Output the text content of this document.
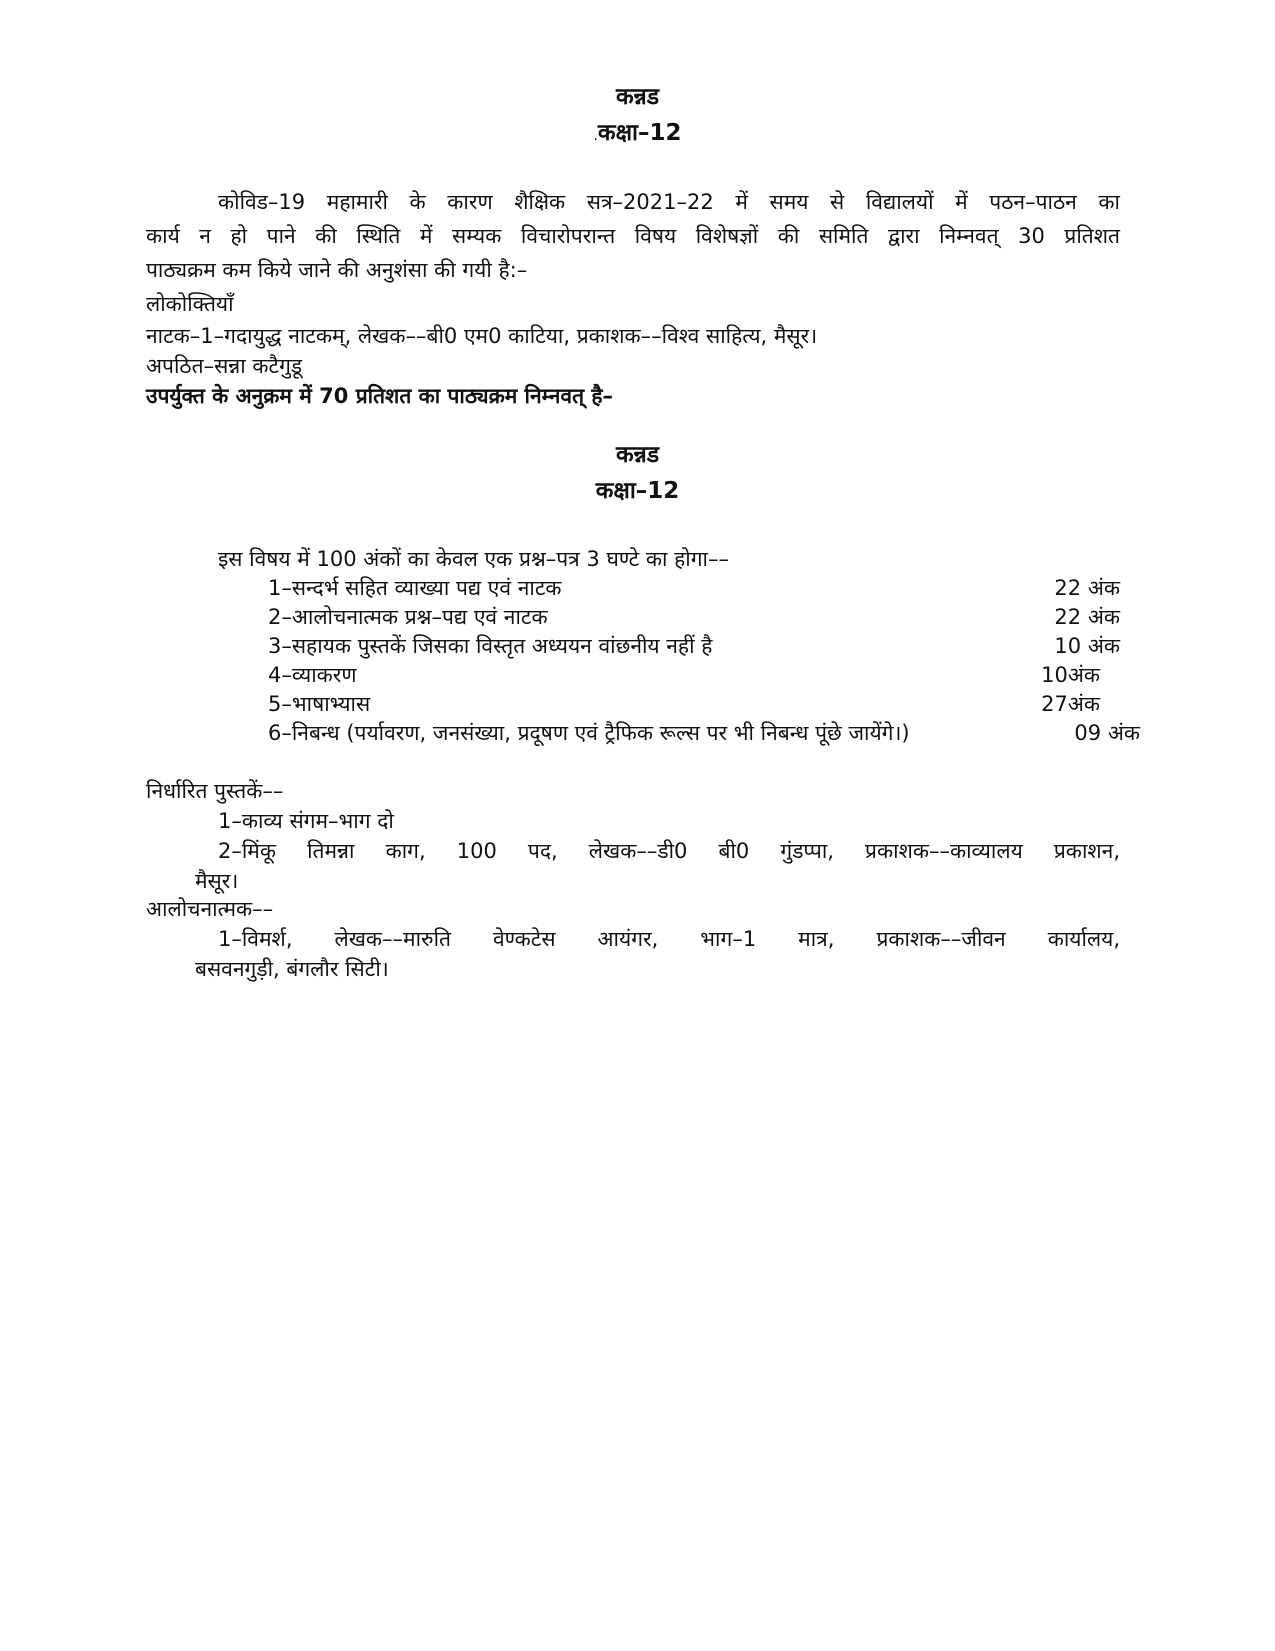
कन्नड
.कक्षा–12
कोविड–19 महामारी के कारण शैक्षिक सत्र–2021–22 में समय से विद्यालयों में पठन–पाठन का
कार्य न हो पाने की स्थिति में सम्यक विचारोपरान्त विषय विशेषज्ञों की समिति द्वारा निम्नवत् 30 प्रतिशत
पाठ्यक्रम कम किये जाने की अनुशंसा की गयी है:–
लोकोक्तियाँ
नाटक–1–गदायुद्ध नाटकम्, लेखक––बी0 एम0 काटिया, प्रकाशक––विश्व साहित्य, मैसूर।
अपठित–सन्ना कटैगुडू
उपर्युक्त के अनुक्रम में 70 प्रतिशत का पाठ्यक्रम निम्नवत् है–
कन्नड
कक्षा–12
इस विषय में 100 अंकों का केवल एक प्रश्न–पत्र 3 घण्टे का होगा––
1–सन्दर्भ सहित व्याख्या पद्य एवं नाटक	22 अंक
2–आलोचनात्मक प्रश्न–पद्य एवं नाटक	22 अंक
3–सहायक पुस्तकें जिसका विस्तृत अध्ययन वांछनीय नहीं है	10 अंक
4–व्याकरण	10अंक
5–भाषाभ्यास	27अंक
6–निबन्ध (पर्यावरण, जनसंख्या, प्रदूषण एवं ट्रैफिक रूल्स पर भी निबन्ध पूंछे जायेंगे।)	09 अंक
निर्धारित पुस्तकें––
1–काव्य संगम–भाग दो
2–मिंकू तिमन्ना काग, 100 पद, लेखक––डी0 बी0 गुंडप्पा, प्रकाशक––काव्यालय प्रकाशन,
मैसूर।
आलोचनात्मक––
1–विमर्श, लेखक––मारुति वेण्कटेस आयंगर, भाग–1 मात्र, प्रकाशक––जीवन कार्यालय,
बसवनगुड़ी, बंगलौर सिटी।
